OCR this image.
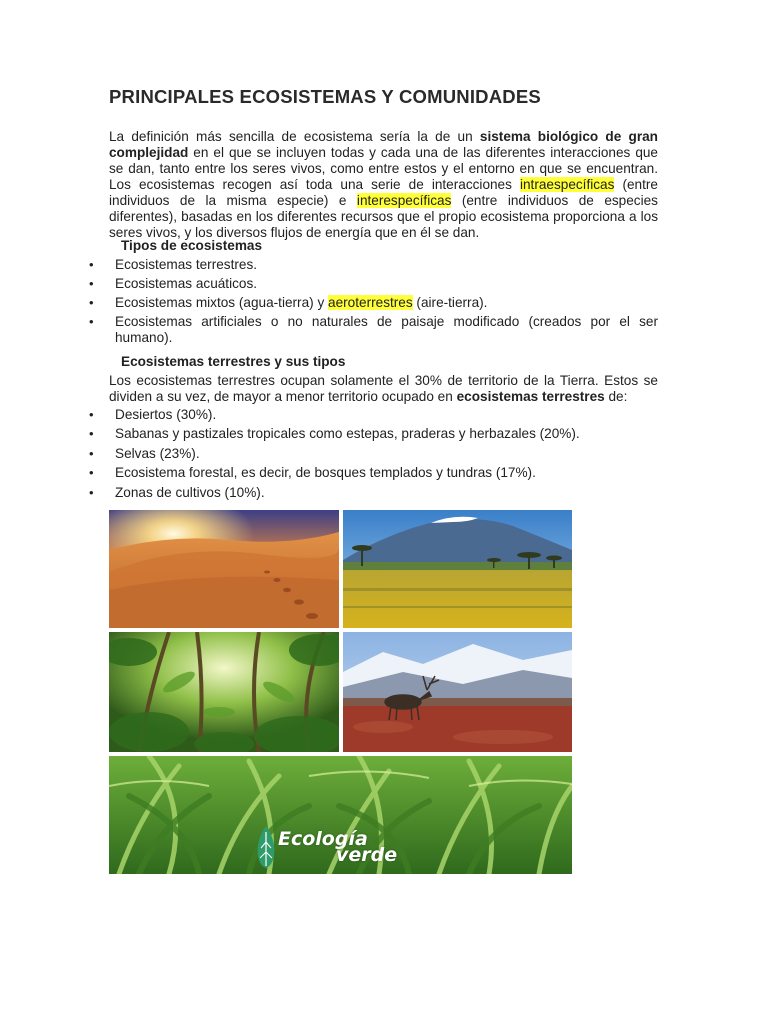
PRINCIPALES ECOSISTEMAS Y COMUNIDADES

La definición más sencilla de ecosistema sería la de un sistema biológico de gran complejidad en el que se incluyen todas y cada una de las diferentes interacciones que se dan, tanto entre los seres vivos, como entre estos y el entorno en que se encuentran. Los ecosistemas recogen así toda una serie de interacciones intraespecíficas (entre individuos de la misma especie) e interespecíficas (entre individuos de especies diferentes), basadas en los diferentes recursos que el propio ecosistema proporciona a los seres vivos, y los diversos flujos de energía que en él se dan.

Tipos de ecosistemas
• Ecosistemas terrestres.
• Ecosistemas acuáticos.
• Ecosistemas mixtos (agua-tierra) y aeroterrestres (aire-tierra).
• Ecosistemas artificiales o no naturales de paisaje modificado (creados por el ser humano).
Ecosistemas terrestres y sus tipos

Los ecosistemas terrestres ocupan solamente el 30% de territorio de la Tierra. Estos se dividen a su vez, de mayor a menor territorio ocupado en ecosistemas terrestres de:

• Desiertos (30%).
• Sabanas y pastizales tropicales como estepas, praderas y herbazales (20%).
• Selvas (23%).
• Ecosistema forestal, es decir, de bosques templados y tundras (17%).
• Zonas de cultivos (10%).
Ecología
verde
